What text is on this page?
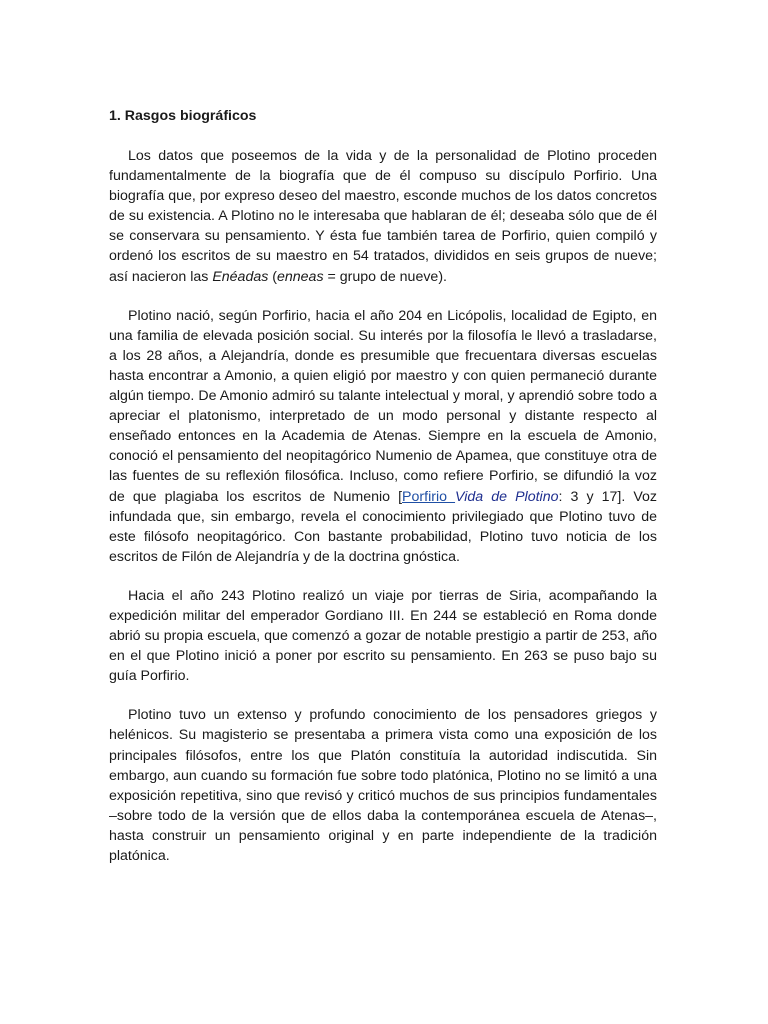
1. Rasgos biográficos

Los datos que poseemos de la vida y de la personalidad de Plotino proceden fundamentalmente de la biografía que de él compuso su discípulo Porfirio. Una biografía que, por expreso deseo del maestro, esconde muchos de los datos concretos de su existencia. A Plotino no le interesaba que hablaran de él; deseaba sólo que de él se conservara su pensamiento. Y ésta fue también tarea de Porfirio, quien compiló y ordenó los escritos de su maestro en 54 tratados, divididos en seis grupos de nueve; así nacieron las Enéadas (enneas = grupo de nueve).

Plotino nació, según Porfirio, hacia el año 204 en Licópolis, localidad de Egipto, en una familia de elevada posición social. Su interés por la filosofía le llevó a trasladarse, a los 28 años, a Alejandría, donde es presumible que frecuentara diversas escuelas hasta encontrar a Amonio, a quien eligió por maestro y con quien permaneció durante algún tiempo. De Amonio admiró su talante intelectual y moral, y aprendió sobre todo a apreciar el platonismo, interpretado de un modo personal y distante respecto al enseñado entonces en la Academia de Atenas. Siempre en la escuela de Amonio, conoció el pensamiento del neopitagórico Numenio de Apamea, que constituye otra de las fuentes de su reflexión filosófica. Incluso, como refiere Porfirio, se difundió la voz de que plagiaba los escritos de Numenio [Porfirio Vida de Plotino: 3 y 17]. Voz infundada que, sin embargo, revela el conocimiento privilegiado que Plotino tuvo de este filósofo neopitagórico. Con bastante probabilidad, Plotino tuvo noticia de los escritos de Filón de Alejandría y de la doctrina gnóstica.

Hacia el año 243 Plotino realizó un viaje por tierras de Siria, acompañando la expedición militar del emperador Gordiano III. En 244 se estableció en Roma donde abrió su propia escuela, que comenzó a gozar de notable prestigio a partir de 253, año en el que Plotino inició a poner por escrito su pensamiento. En 263 se puso bajo su guía Porfirio.

Plotino tuvo un extenso y profundo conocimiento de los pensadores griegos y helénicos. Su magisterio se presentaba a primera vista como una exposición de los principales filósofos, entre los que Platón constituía la autoridad indiscutida. Sin embargo, aun cuando su formación fue sobre todo platónica, Plotino no se limitó a una exposición repetitiva, sino que revisó y criticó muchos de sus principios fundamentales –sobre todo de la versión que de ellos daba la contemporánea escuela de Atenas–, hasta construir un pensamiento original y en parte independiente de la tradición platónica.
